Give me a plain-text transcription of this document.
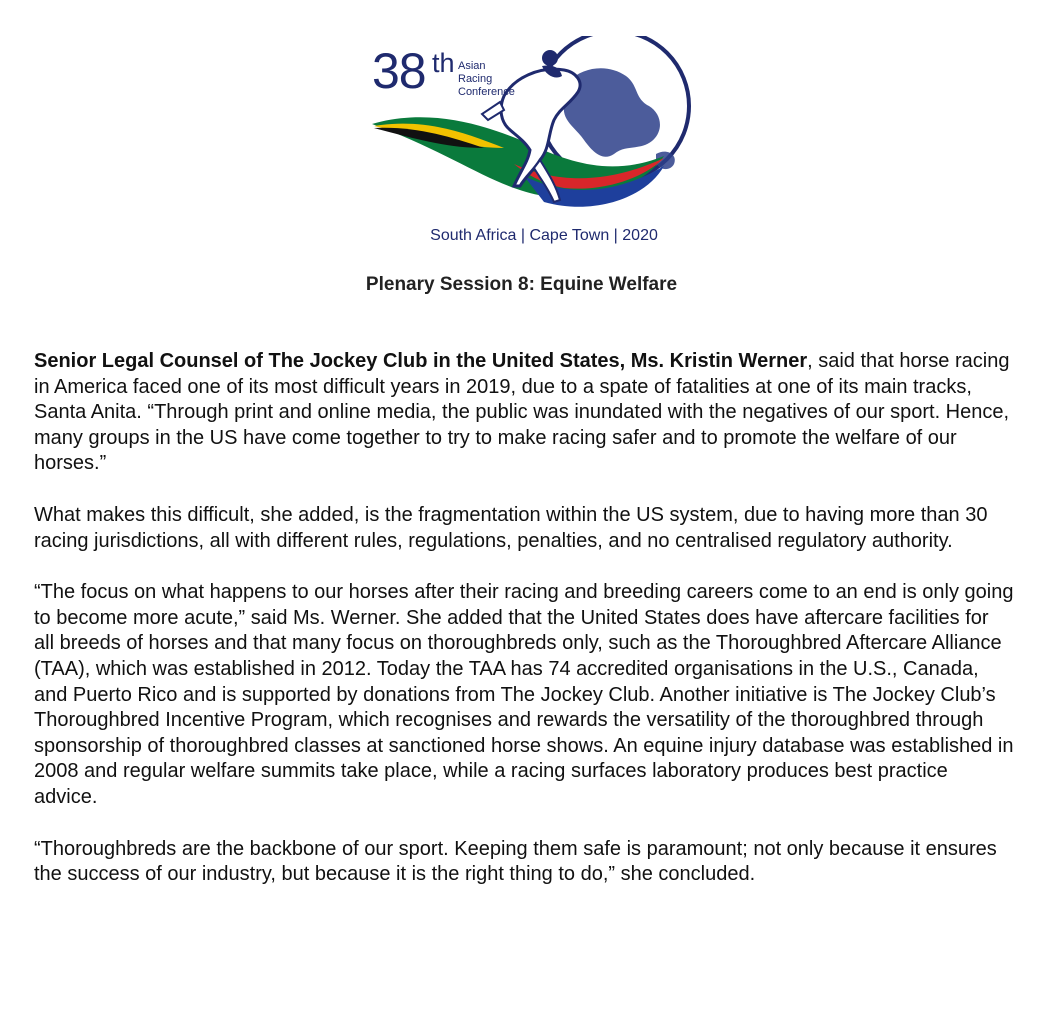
38 th Asian
Racing
Conference
South Africa | Cape Town | 2020
Plenary Session 8: Equine Welfare

Senior Legal Counsel of The Jockey Club in the United States, Ms. Kristin Werner, said that horse racing in America faced one of its most difficult years in 2019, due to a spate of fatalities at one of its main tracks, Santa Anita. “Through print and online media, the public was inundated with the negatives of our sport. Hence, many groups in the US have come together to try to make racing safer and to promote the welfare of our horses.”

What makes this difficult, she added, is the fragmentation within the US system, due to having more than 30 racing jurisdictions, all with different rules, regulations, penalties, and no centralised regulatory authority.

“The focus on what happens to our horses after their racing and breeding careers come to an end is only going to become more acute,” said Ms. Werner. She added that the United States does have aftercare facilities for all breeds of horses and that many focus on thoroughbreds only, such as the Thoroughbred Aftercare Alliance (TAA), which was established in 2012. Today the TAA has 74 accredited organisations in the U.S., Canada, and Puerto Rico and is supported by donations from The Jockey Club. Another initiative is The Jockey Club’s Thoroughbred Incentive Program, which recognises and rewards the versatility of the thoroughbred through sponsorship of thoroughbred classes at sanctioned horse shows. An equine injury database was established in 2008 and regular welfare summits take place, while a racing surfaces laboratory produces best practice advice.

“Thoroughbreds are the backbone of our sport. Keeping them safe is paramount; not only because it ensures the success of our industry, but because it is the right thing to do,” she concluded.
